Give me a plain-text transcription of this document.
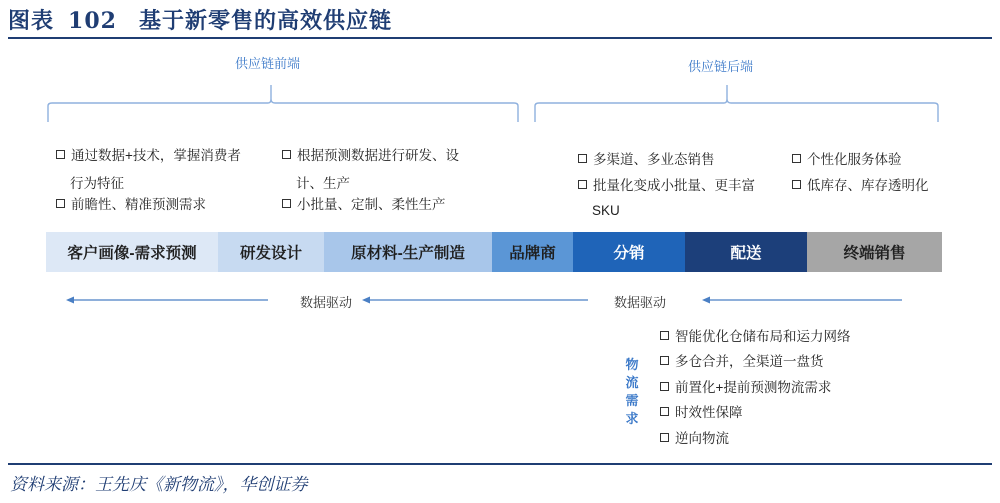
图表 102 基于新零售的高效供应链
供应链前端	供应链后端
通过数据+技术，掌握消费者
行为特征
前瞻性、精准预测需求
根据预测数据进行研发、设
计、生产
小批量、定制、柔性生产
多渠道、多业态销售
批量化变成小批量、更丰富
SKU
个性化服务体验
低库存、库存透明化
客户画像-需求预测	研发设计	原材料-生产制造	品牌商	分销	配送	终端销售
数据驱动	数据驱动
物
流
需
求
智能优化仓储布局和运力网络
多仓合并，全渠道一盘货
前置化+提前预测物流需求
时效性保障
逆向物流
资料来源：王先庆《新物流》，华创证券
